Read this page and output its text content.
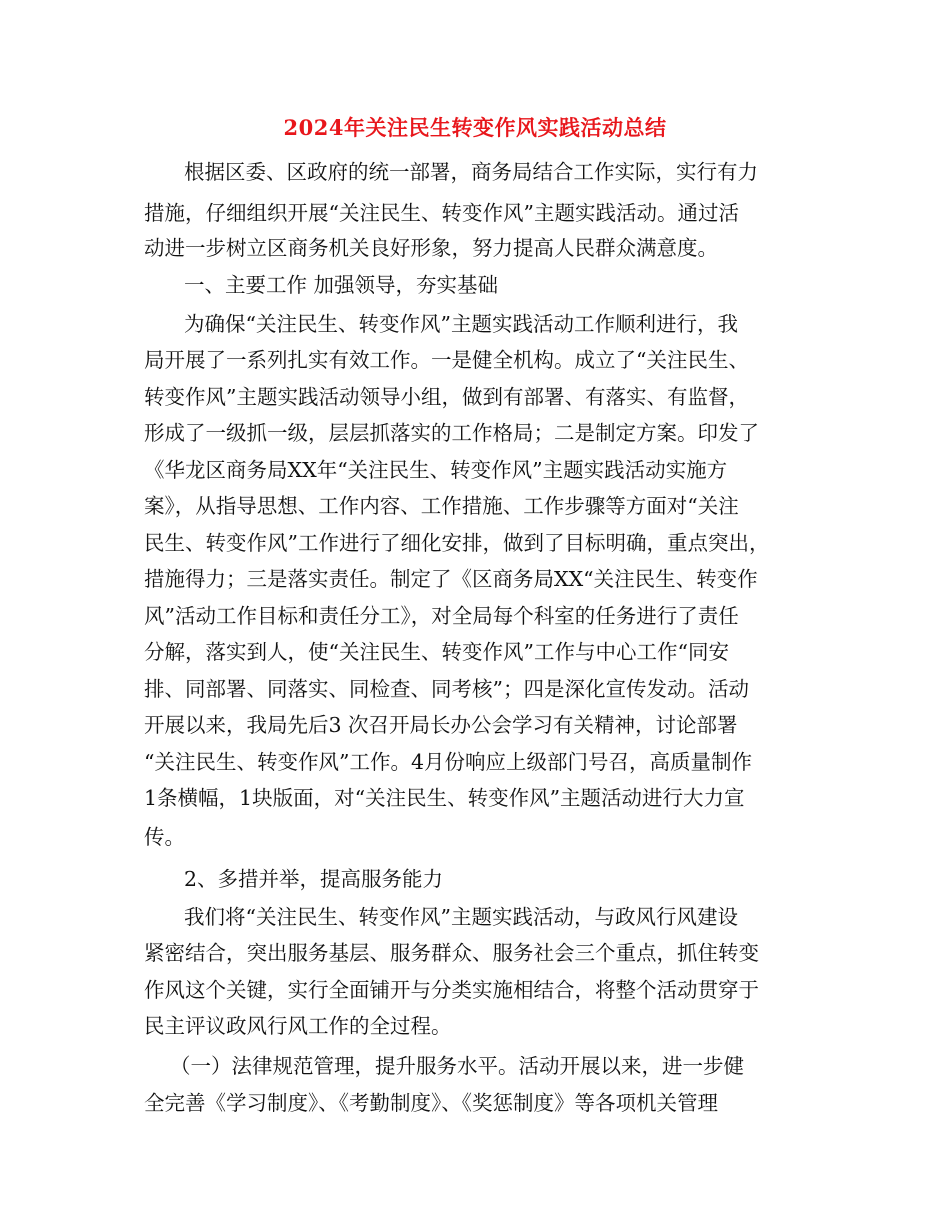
2024年关注民生转变作风实践活动总结
根据区委、区政府的统一部署，商务局结合工作实际，实行有力
措施，仔细组织开展“关注民生、转变作风”主题实践活动。通过活
动进一步树立区商务机关良好形象，努力提高人民群众满意度。
一、主要工作 加强领导，夯实基础
为确保“关注民生、转变作风”主题实践活动工作顺利进行，我
局开展了一系列扎实有效工作。一是健全机构。成立了“关注民生、
转变作风”主题实践活动领导小组，做到有部署、有落实、有监督，
形成了一级抓一级，层层抓落实的工作格局；二是制定方案。印发了
《华龙区商务局XX年“关注民生、转变作风”主题实践活动实施方
案》，从指导思想、工作内容、工作措施、工作步骤等方面对“关注
民生、转变作风”工作进行了细化安排，做到了目标明确，重点突出，
措施得力；三是落实责任。制定了《区商务局XX“关注民生、转变作
风”活动工作目标和责任分工》，对全局每个科室的任务进行了责任
分解，落实到人，使“关注民生、转变作风”工作与中心工作“同安
排、同部署、同落实、同检查、同考核”；四是深化宣传发动。活动
开展以来，我局先后3 次召开局长办公会学习有关精神，讨论部署
“关注民生、转变作风”工作。4月份响应上级部门号召，高质量制作
1条横幅，1块版面，对“关注民生、转变作风”主题活动进行大力宣
传。
2、多措并举，提高服务能力
我们将“关注民生、转变作风”主题实践活动，与政风行风建设
紧密结合，突出服务基层、服务群众、服务社会三个重点，抓住转变
作风这个关键，实行全面铺开与分类实施相结合，将整个活动贯穿于
民主评议政风行风工作的全过程。
（一）法律规范管理，提升服务水平。活动开展以来，进一步健
全完善《学习制度》、《考勤制度》、《奖惩制度》等各项机关管理
